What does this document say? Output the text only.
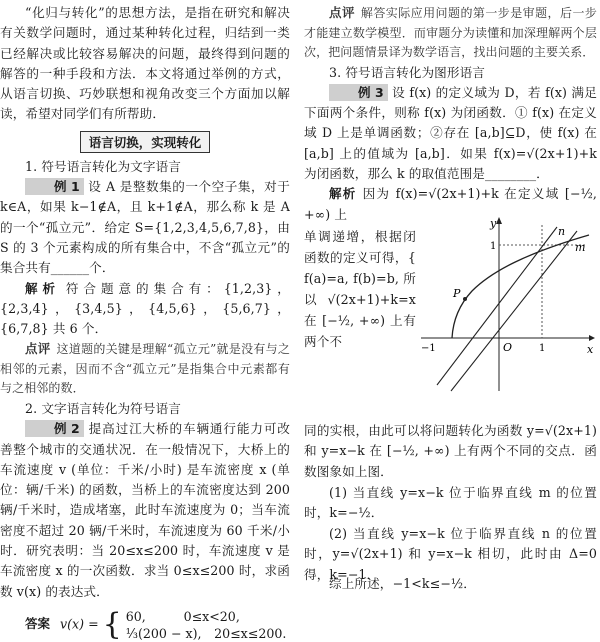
“化归与转化”的思想方法，是指在研究和解决有关数学问题时，通过某种转化过程，归结到一类已经解决或比较容易解决的问题，最终得到问题的解答的一种手段和方法．本文将通过举例的方式，从语言切换、巧妙联想和视角改变三个方面加以解读，希望对同学们有所帮助．

语言切换，实现转化

1. 符号语言转化为文字语言

例 1 设 A 是整数集的一个空子集，对于 k∈A，如果 k−1∉A，且 k+1∉A，那么称 k 是 A 的一个“孤立元”．给定 S={1,2,3,4,5,6,7,8}，由 S 的 3 个元素构成的所有集合中，不含“孤立元”的集合共有______个．

解析 符合题意的集合有：{1,2,3}，{2,3,4}，{3,4,5}，{4,5,6}，{5,6,7}，{6,7,8} 共 6 个．

点评 这道题的关键是理解“孤立元”就是没有与之相邻的元素，因而不含“孤立元”是指集合中元素都有与之相邻的数．

2. 文字语言转化为符号语言

例 2 提高过江大桥的车辆通行能力可改善整个城市的交通状况．在一般情况下，大桥上的车流速度 v (单位：千米/小时) 是车流密度 x (单位：辆/千米) 的函数，当桥上的车流密度达到 200 辆/千米时，造成堵塞，此时车流速度为 0；当车流密度不超过 20 辆/千米时，车流速度为 60 千米/小时．研究表明：当 20≤x≤200 时，车流速度 v 是车流密度 x 的一次函数．求当 0≤x≤200 时，求函数 v(x) 的表达式．

答案 v(x) = { 60,　　　0≤x<20,
⅓(200 − x),　20≤x≤200.

点评 解答实际应用问题的第一步是审题，后一步才能建立数学模型．而审题分为读懂和加深理解两个层次，把问题情景译为数学语言，找出问题的主要关系．

3. 符号语言转化为图形语言

例 3 设 f(x) 的定义域为 D，若 f(x) 满足下面两个条件，则称 f(x) 为闭函数．① f(x) 在定义域 D 上是单调函数；②存在 [a,b]⊆D，使 f(x) 在 [a,b] 上的值域为 [a,b]．如果 f(x)=√(2x+1)+k 为闭函数，那么 k 的取值范围是________．

解析 因为 f(x)=√(2x+1)+k 在定义域 [−½, +∞) 上

单调递增，根据闭函数的定义可得，{ f(a)=a, f(b)=b, 所以 √(2x+1)+k=x 在 [−½, +∞) 上有两个不

y
x
n
m
P
O
1
1
−1

同的实根，由此可以将问题转化为函数 y=√(2x+1) 和 y=x−k 在 [−½, +∞) 上有两个不同的交点．函数图象如上图．

(1) 当直线 y=x−k 位于临界直线 m 的位置时，k=−½．

(2) 当直线 y=x−k 位于临界直线 n 的位置时，y=√(2x+1) 和 y=x−k 相切，此时由 Δ=0 得，k=−1．

综上所述，−1<k≤−½．
